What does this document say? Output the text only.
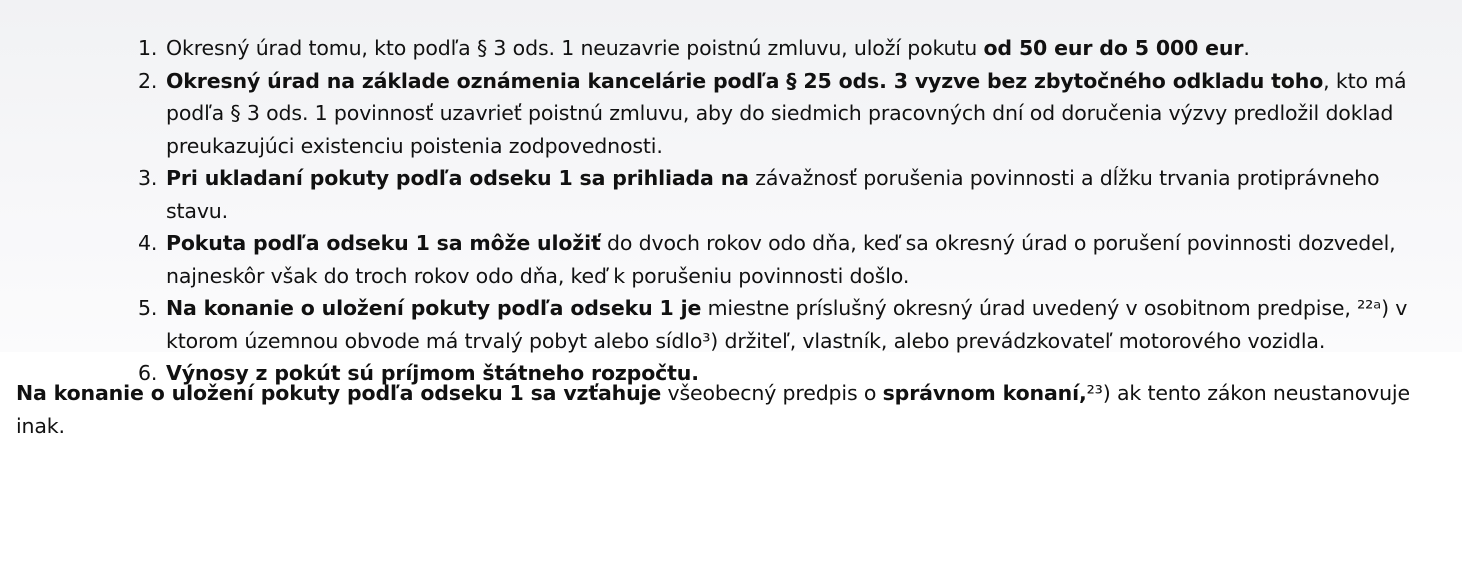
1. Okresný úrad tomu, kto podľa § 3 ods. 1 neuzavrie poistnú zmluvu, uloží pokutu od 50 eur do 5 000 eur.
2. Okresný úrad na základe oznámenia kancelárie podľa § 25 ods. 3 vyzve bez zbytočného odkladu toho, kto má podľa § 3 ods. 1 povinnosť uzavrieť poistnú zmluvu, aby do siedmich pracovných dní od doručenia výzvy predložil doklad preukazujúci existenciu poistenia zodpovednosti.
3. Pri ukladaní pokuty podľa odseku 1 sa prihliada na závažnosť porušenia povinnosti a dĺžku trvania protiprávneho stavu.
4. Pokuta podľa odseku 1 sa môže uložiť do dvoch rokov odo dňa, keď sa okresný úrad o porušení povinnosti dozvedel, najneskôr však do troch rokov odo dňa, keď k porušeniu povinnosti došlo.
5. Na konanie o uložení pokuty podľa odseku 1 je miestne príslušný okresný úrad uvedený v osobitnom predpise, ²²ᵃ) v ktorom územnou obvode má trvalý pobyt alebo sídlo³) držiteľ, vlastník, alebo prevádzkovateľ motorového vozidla.
6. Výnosy z pokút sú príjmom štátneho rozpočtu.

Na konanie o uložení pokuty podľa odseku 1 sa vzťahuje všeobecný predpis o správnom konaní,²³) ak tento zákon neustanovuje inak.
